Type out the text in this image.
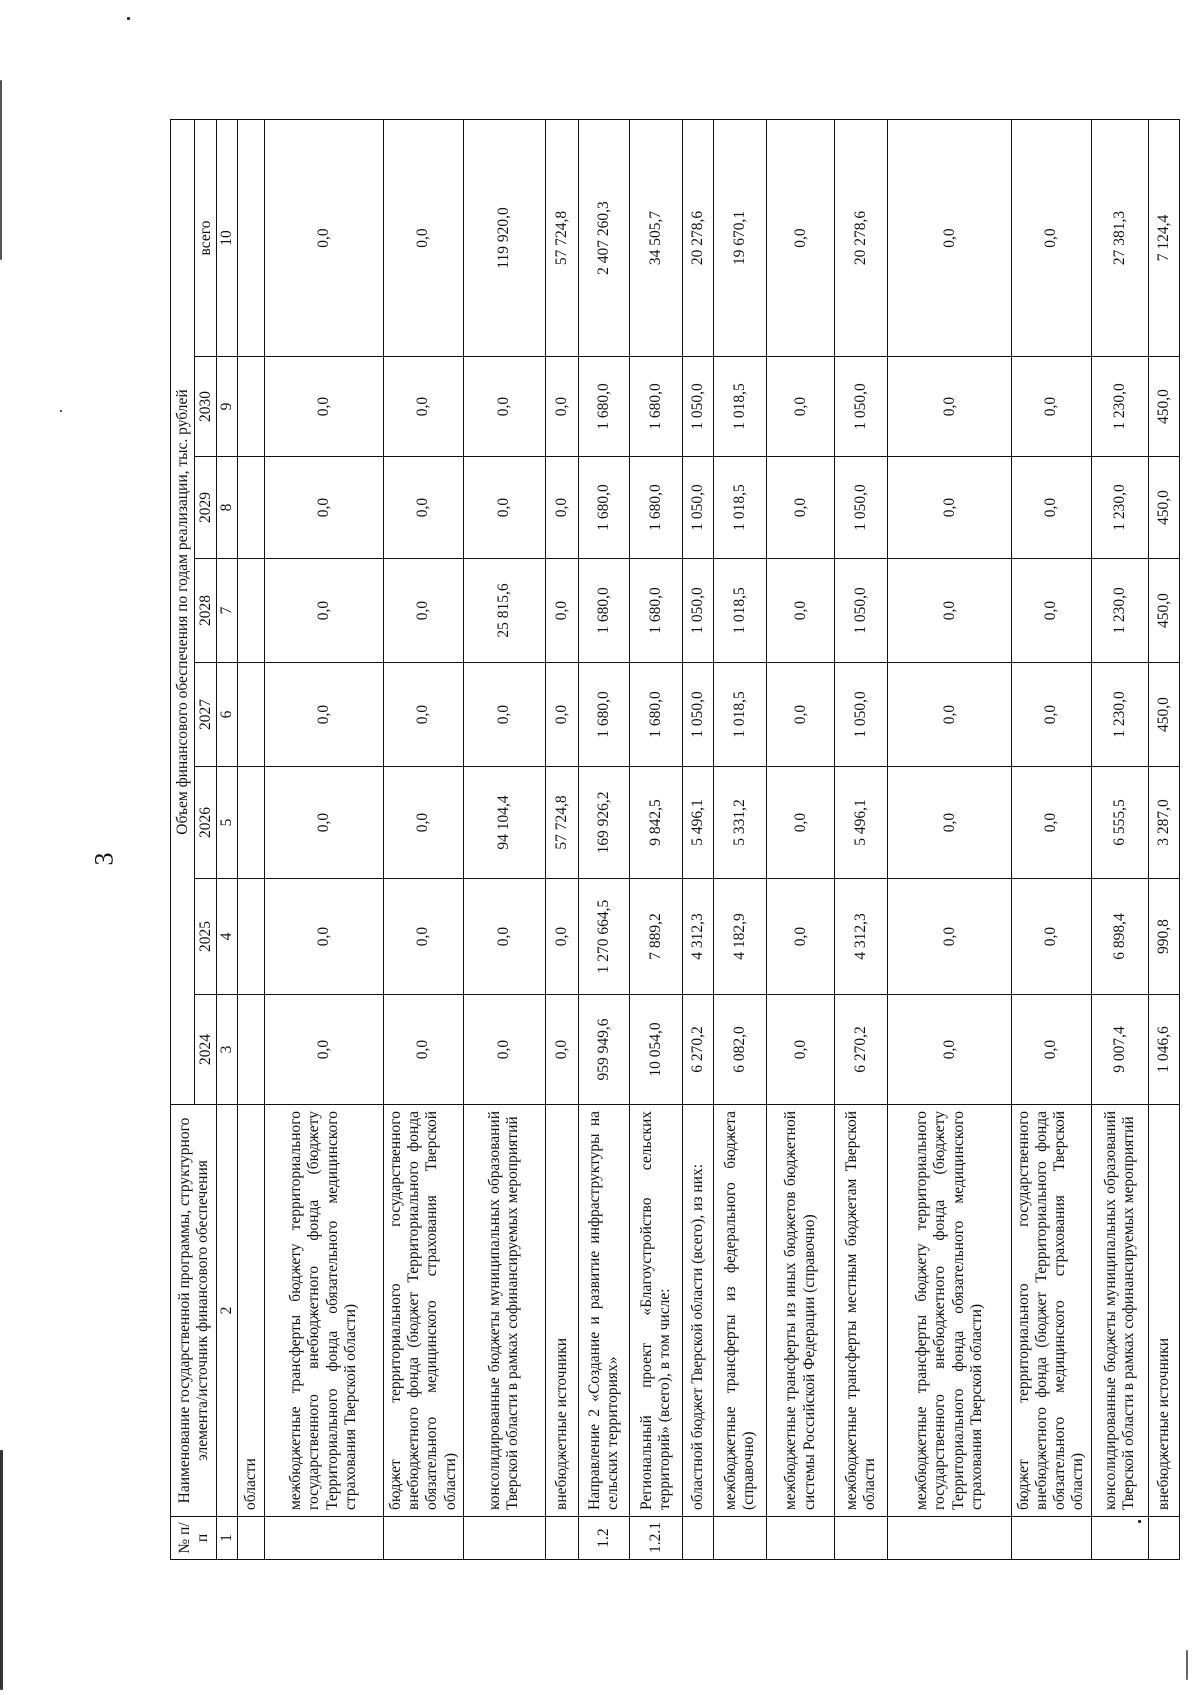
3
№ п/п	Наименование государственной программы, структурного элемента/источник финансового обеспечения	Объем финансового обеспечения по годам реализации, тыс. рублей							
		2024	2025	2026	2027	2028	2029	2030	всего
1	2	3	4	5	6	7	8	9	10
	области								
	межбюджетные трансферты бюджету территориального государственного внебюджетного фонда (бюджету Территориального фонда обязательного медицинского страхования Тверской области)	0,0	0,0	0,0	0,0	0,0	0,0	0,0	0,0
	бюджет территориального государственного внебюджетного фонда (бюджет Территориального фонда обязательного медицинского страхования Тверской области)	0,0	0,0	0,0	0,0	0,0	0,0	0,0	0,0
	консолидированные бюджеты муниципальных образований Тверской области в рамках софинансируемых мероприятий	0,0	0,0	94 104,4	0,0	25 815,6	0,0	0,0	119 920,0
	внебюджетные источники	0,0	0,0	57 724,8	0,0	0,0	0,0	0,0	57 724,8
1.2	Направление 2 «Создание и развитие инфраструктуры на сельских территориях»	959 949,6	1 270 664,5	169 926,2	1 680,0	1 680,0	1 680,0	1 680,0	2 407 260,3
1.2.1	Региональный проект «Благоустройство сельских территорий» (всего), в том числе:	10 054,0	7 889,2	9 842,5	1 680,0	1 680,0	1 680,0	1 680,0	34 505,7
	областной бюджет Тверской области (всего), из них:	6 270,2	4 312,3	5 496,1	1 050,0	1 050,0	1 050,0	1 050,0	20 278,6
	межбюджетные трансферты из федерального бюджета (справочно)	6 082,0	4 182,9	5 331,2	1 018,5	1 018,5	1 018,5	1 018,5	19 670,1
	межбюджетные трансферты из иных бюджетов бюджетной системы Российской Федерации (справочно)	0,0	0,0	0,0	0,0	0,0	0,0	0,0	0,0
	межбюджетные трансферты местным бюджетам Тверской области	6 270,2	4 312,3	5 496,1	1 050,0	1 050,0	1 050,0	1 050,0	20 278,6
	межбюджетные трансферты бюджету территориального государственного внебюджетного фонда (бюджету Территориального фонда обязательного медицинского страхования Тверской области)	0,0	0,0	0,0	0,0	0,0	0,0	0,0	0,0
	бюджет территориального государственного внебюджетного фонда (бюджет Территориального фонда обязательного медицинского страхования Тверской области)	0,0	0,0	0,0	0,0	0,0	0,0	0,0	0,0
	консолидированные бюджеты муниципальных образований Тверской области в рамках софинансируемых мероприятий	9 007,4	6 898,4	6 555,5	1 230,0	1 230,0	1 230,0	1 230,0	27 381,3
	внебюджетные источники	1 046,6	990,8	3 287,0	450,0	450,0	450,0	450,0	7 124,4
